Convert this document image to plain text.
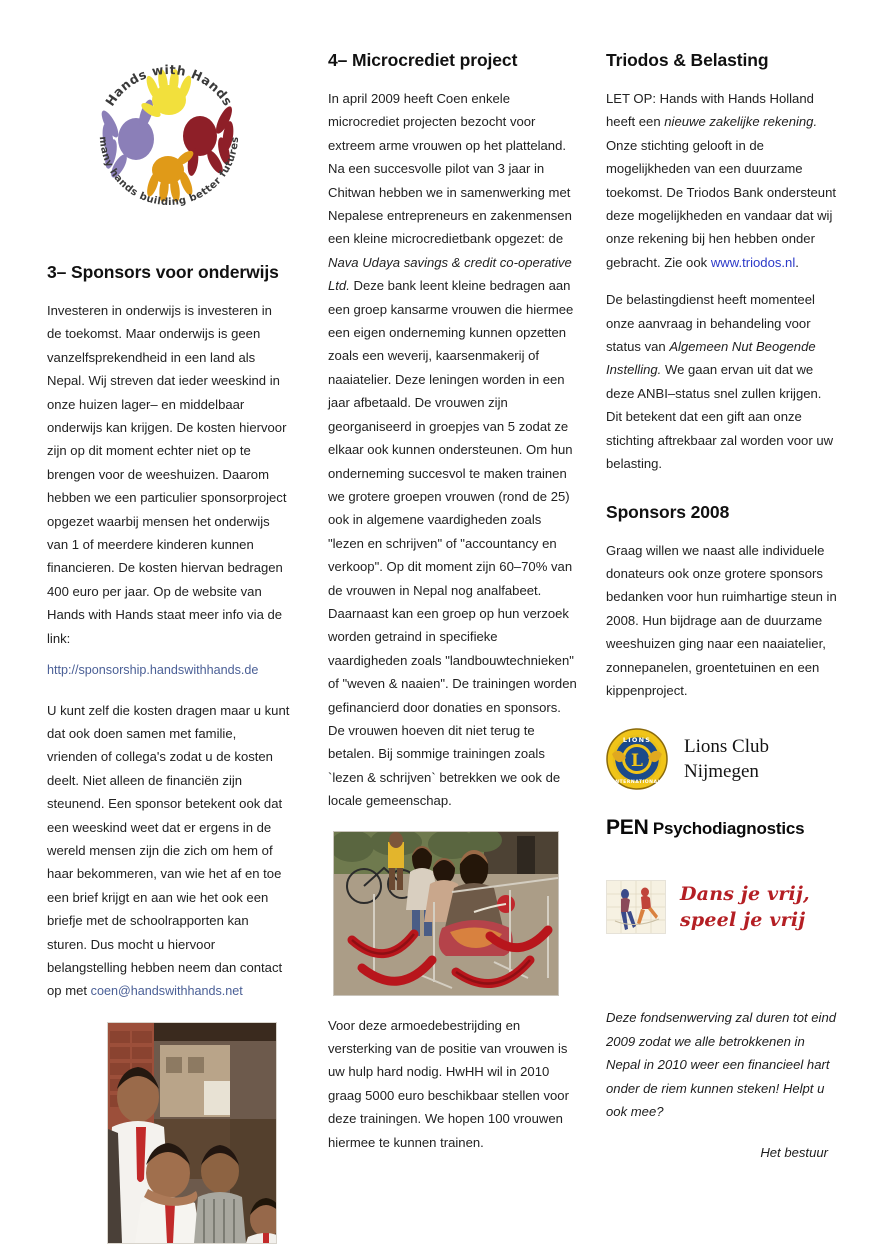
Hands with Hands
many hands building better futures
3– Sponsors voor onderwijs

Investeren in onderwijs is investeren in de toekomst. Maar onderwijs is geen vanzelfsprekendheid in een land als Nepal. Wij streven dat ieder weeskind in onze huizen lager– en middelbaar onderwijs kan krijgen. De kosten hiervoor zijn op dit moment echter niet op te brengen voor de weeshuizen. Daarom hebben we een particulier sponsorproject opgezet waarbij mensen het onderwijs van 1 of meerdere kinderen kunnen financieren. De kosten hiervan bedragen 400 euro per jaar. Op de website van Hands with Hands staat meer info via de link:

http://sponsorship.handswithhands.de

U kunt zelf die kosten dragen maar u kunt dat ook doen samen met familie, vrienden of collega's zodat u de kosten deelt. Niet alleen de financiën zijn steunend. Een sponsor betekent ook dat een weeskind weet dat er ergens in de wereld mensen zijn die zich om hem of haar bekommeren, van wie het af en toe een brief krijgt en aan wie het ook een briefje met de schoolrapporten kan sturen. Dus mocht u hiervoor belangstelling hebben neem dan contact op met coen@handswithhands.net

4– Microcrediet project

In april 2009 heeft Coen enkele microcrediet projecten bezocht voor extreem arme vrouwen op het platteland. Na een succesvolle pilot van 3 jaar in Chitwan hebben we in samenwerking met Nepalese entrepreneurs en zakenmensen een kleine microcredietbank opgezet: de Nava Udaya savings & credit co-operative Ltd. Deze bank leent kleine bedragen aan een groep kansarme vrouwen die hiermee een eigen onderneming kunnen opzetten zoals een weverij, kaarsenmakerij of naaiatelier. Deze leningen worden in een jaar afbetaald. De vrouwen zijn georganiseerd in groepjes van 5 zodat ze elkaar ook kunnen ondersteunen. Om hun onderneming succesvol te maken trainen we grotere groepen vrouwen (rond de 25) ook in algemene vaardigheden zoals "lezen en schrijven" of "accountancy en verkoop". Op dit moment zijn 60–70% van de vrouwen in Nepal nog analfabeet. Daarnaast kan een groep op hun verzoek worden getraind in specifieke vaardigheden zoals "landbouwtechnieken" of "weven & naaien". De trainingen worden gefinancierd door donaties en sponsors. De vrouwen hoeven dit niet terug te betalen. Bij sommige trainingen zoals `lezen & schrijven` betrekken we ook de locale gemeenschap.

Voor deze armoedebestrijding en versterking van de positie van vrouwen is uw hulp hard nodig. HwHH wil in 2010 graag 5000 euro beschikbaar stellen voor deze trainingen. We hopen 100 vrouwen hiermee te kunnen trainen.

Triodos & Belasting

LET OP: Hands with Hands Holland heeft een nieuwe zakelijke rekening. Onze stichting gelooft in de mogelijkheden van een duurzame toekomst. De Triodos Bank ondersteunt deze mogelijkheden en vandaar dat wij onze rekening bij hen hebben onder gebracht. Zie ook www.triodos.nl.

De belastingdienst heeft momenteel onze aanvraag in behandeling voor status van Algemeen Nut Beogende Instelling. We gaan ervan uit dat we deze ANBI–status snel zullen krijgen. Dit betekent dat een gift aan onze stichting aftrekbaar zal worden voor uw belasting.

Sponsors 2008

Graag willen we naast alle individuele donateurs ook onze grotere sponsors bedanken voor hun ruimhartige steun in 2008. Hun bijdrage aan de duurzame weeshuizen ging naar een naaiatelier, zonnepanelen, groentetuinen en een kippenproject.

L
LIONS
INTERNATIONAL
Lions Club
Nijmegen
PEN Psychodiagnostics
Dans je vrij,
speel je vrij
Deze fondsenwerving zal duren tot eind 2009 zodat we alle betrokkenen in Nepal in 2010 weer een financieel hart onder de riem kunnen steken! Helpt u ook mee?
Het bestuur
